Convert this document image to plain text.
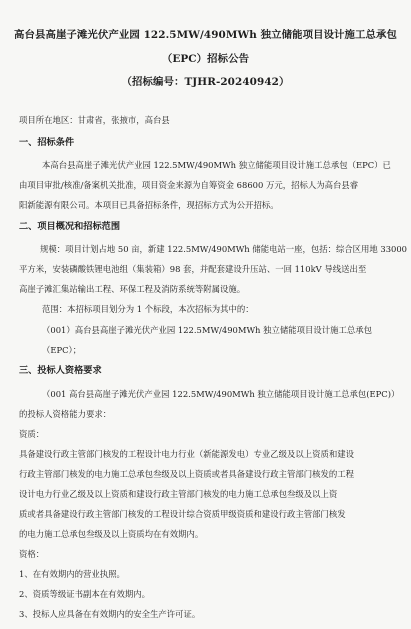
高台县高崖子滩光伏产业园 122.5MW/490MWh 独立储能项目设计施工总承包
（EPC）招标公告
（招标编号：TJHR-20240942）
项目所在地区：甘肃省，张掖市，高台县
一、招标条件
本高台县高崖子滩光伏产业园 122.5MW/490MWh 独立储能项目设计施工总承包（EPC）已
由项目审批/核准/备案机关批准，项目资金来源为自筹资金 68600 万元，招标人为高台县睿
阳新能源有限公司。本项目已具备招标条件，现招标方式为公开招标。
二、项目概况和招标范围
规模：项目计划占地 50 亩，新建 122.5MW/490MWh 储能电站一座，包括：综合区用地 33000
平方米，安装磷酸铁锂电池组（集装箱）98 套，并配套建设升压站、一回 110kV 导线送出至
高崖子滩汇集站输出工程、环保工程及消防系统等附属设施。
范围：本招标项目划分为 1 个标段，本次招标为其中的：
（001）高台县高崖子滩光伏产业园 122.5MW/490MWh 独立储能项目设计施工总承包
（EPC）；
三、投标人资格要求
（001 高台县高崖子滩光伏产业园 122.5MW/490MWh 独立储能项目设计施工总承包(EPC)）
的投标人资格能力要求：
资质：
具备建设行政主管部门核发的工程设计电力行业（新能源发电）专业乙级及以上资质和建设
行政主管部门核发的电力施工总承包叁级及以上资质或者具备建设行政主管部门核发的工程
设计电力行业乙级及以上资质和建设行政主管部门核发的电力施工总承包叁级及以上资
质或者具备建设行政主管部门核发的工程设计综合资质甲级资质和建设行政主管部门核发
的电力施工总承包叁级及以上资质均在有效期内。
资格：
1、在有效期内的营业执照。
2、资质等级证书副本在有效期内。
3、投标人应具备在有效期内的安全生产许可证。
